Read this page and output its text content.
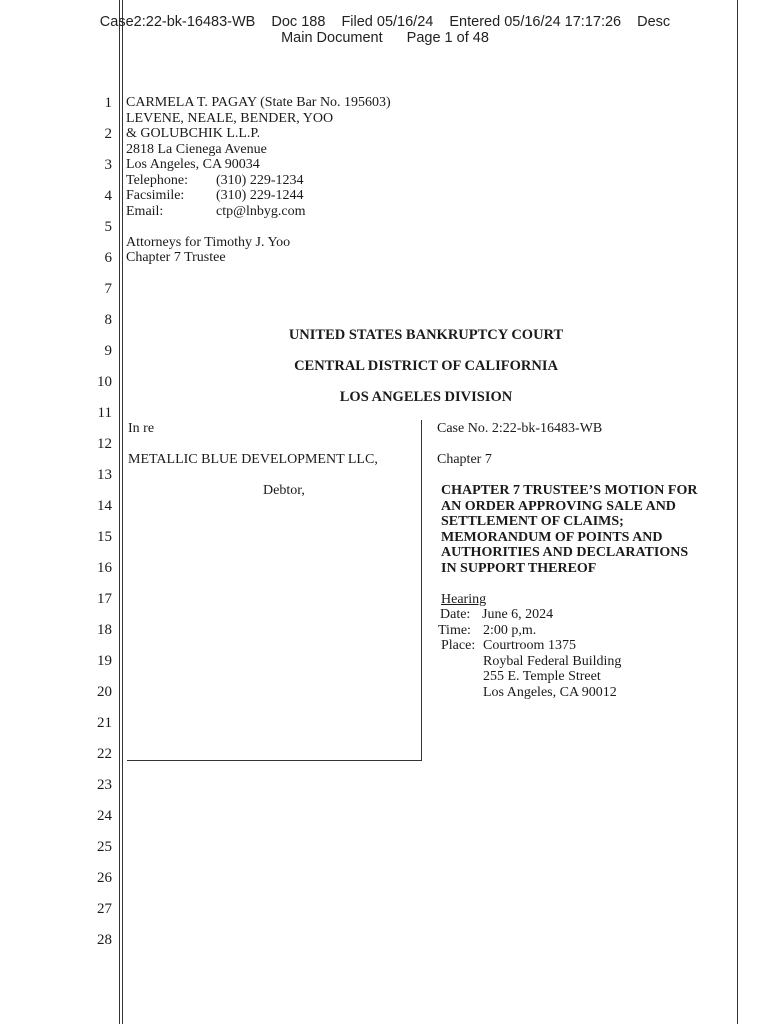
Case2:22-bk-16483-WB Doc 188 Filed 05/16/24 Entered 05/16/24 17:17:26 Desc
Main Document Page 1 of 48
1
2
3
4
5
6
7
8
9
10
11
12
13
14
15
16
17
18
19
20
21
22
23
24
25
26
27
28
CARMELA T. PAGAY (State Bar No. 195603)
LEVENE, NEALE, BENDER, YOO
& GOLUBCHIK L.L.P.
2818 La Cienega Avenue
Los Angeles, CA 90034
Telephone: (310) 229-1234
Facsimile: (310) 229-1244
Email:	ctp@lnbyg.com
Attorneys for Timothy J. Yoo
Chapter 7 Trustee
UNITED STATES BANKRUPTCY COURT
CENTRAL DISTRICT OF CALIFORNIA
LOS ANGELES DIVISION
In re
METALLIC BLUE DEVELOPMENT LLC,
Debtor,
Case No. 2:22-bk-16483-WB
Chapter 7
CHAPTER 7 TRUSTEE’S MOTION FOR
AN ORDER APPROVING SALE AND
SETTLEMENT OF CLAIMS;
MEMORANDUM OF POINTS AND
AUTHORITIES AND DECLARATIONS
IN SUPPORT THEREOF
Hearing
Date: June 6, 2024
Time: 2:00 p,m.
Place: Courtroom 1375
Roybal Federal Building
255 E. Temple Street
Los Angeles, CA 90012
